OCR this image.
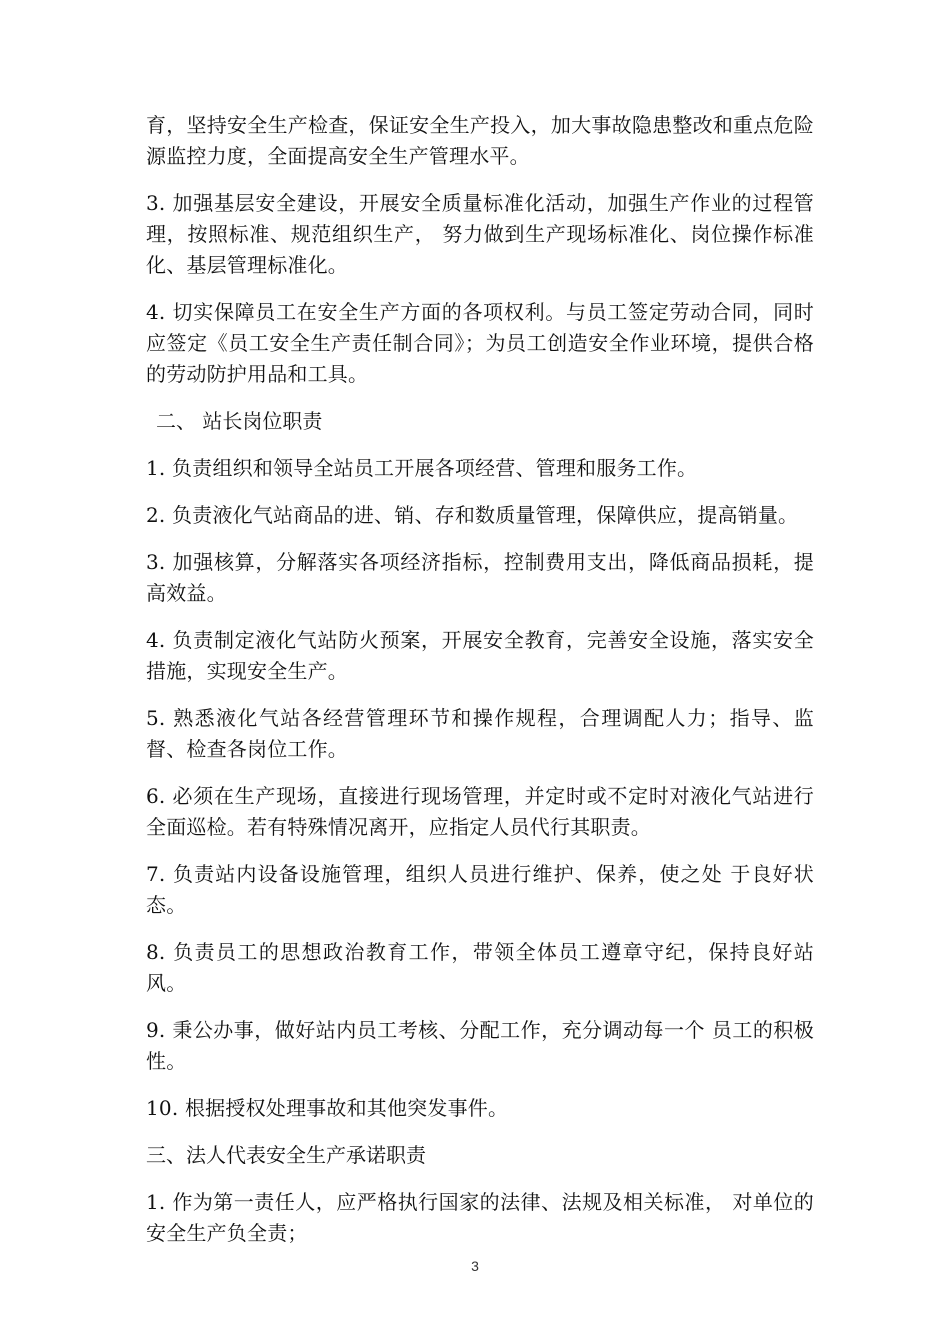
育，坚持安全生产检查，保证安全生产投入，加大事故隐患整改和重点危险源监控力度，全面提高安全生产管理水平。

3. 加强基层安全建设，开展安全质量标准化活动，加强生产作业的过程管理，按照标准、规范组织生产， 努力做到生产现场标准化、岗位操作标准化、基层管理标准化。

4. 切实保障员工在安全生产方面的各项权利。与员工签定劳动合同，同时应签定《员工安全生产责任制合同》；为员工创造安全作业环境，提供合格的劳动防护用品和工具。

二、 站长岗位职责

1. 负责组织和领导全站员工开展各项经营、管理和服务工作。

2. 负责液化气站商品的进、销、存和数质量管理，保障供应，提高销量。

3. 加强核算，分解落实各项经济指标，控制费用支出，降低商品损耗，提高效益。

4. 负责制定液化气站防火预案，开展安全教育，完善安全设施，落实安全措施，实现安全生产。

5. 熟悉液化气站各经营管理环节和操作规程，合理调配人力；指导、监督、检查各岗位工作。

6. 必须在生产现场，直接进行现场管理，并定时或不定时对液化气站进行全面巡检。若有特殊情况离开，应指定人员代行其职责。

7. 负责站内设备设施管理，组织人员进行维护、保养，使之处 于良好状态。

8. 负责员工的思想政治教育工作，带领全体员工遵章守纪，保持良好站风。

9. 秉公办事，做好站内员工考核、分配工作，充分调动每一个 员工的积极性。

10. 根据授权处理事故和其他突发事件。

三、法人代表安全生产承诺职责

1. 作为第一责任人，应严格执行国家的法律、法规及相关标准， 对单位的安全生产负全责；

3
